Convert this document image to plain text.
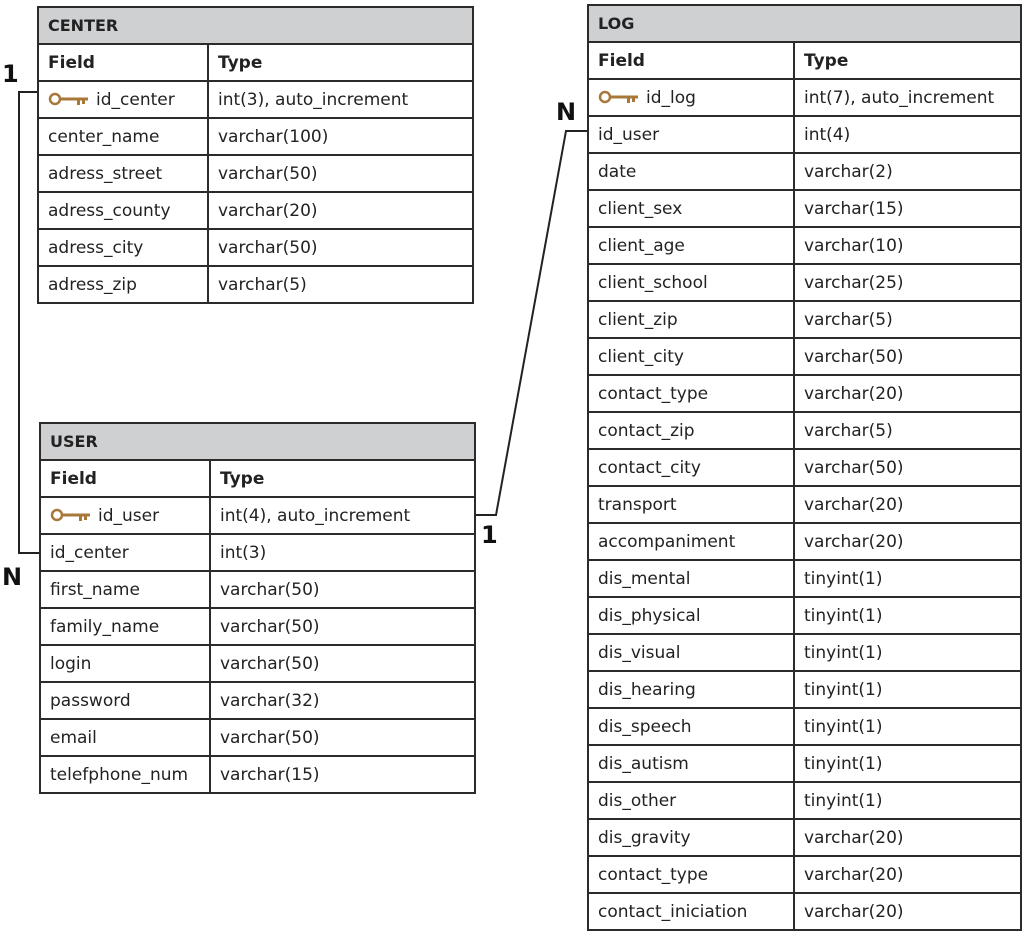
CENTER	
Field	Type
id_center	int(3), auto_increment
center_name	varchar(100)
adress_street	varchar(50)
adress_county	varchar(20)
adress_city	varchar(50)
adress_zip	varchar(5)
USER	
Field	Type
id_user	int(4), auto_increment
id_center	int(3)
first_name	varchar(50)
family_name	varchar(50)
login	varchar(50)
password	varchar(32)
email	varchar(50)
telefphone_num	varchar(15)
LOG	
Field	Type
id_log	int(7), auto_increment
id_user	int(4)
date	varchar(2)
client_sex	varchar(15)
client_age	varchar(10)
client_school	varchar(25)
client_zip	varchar(5)
client_city	varchar(50)
contact_type	varchar(20)
contact_zip	varchar(5)
contact_city	varchar(50)
transport	varchar(20)
accompaniment	varchar(20)
dis_mental	tinyint(1)
dis_physical	tinyint(1)
dis_visual	tinyint(1)
dis_hearing	tinyint(1)
dis_speech	tinyint(1)
dis_autism	tinyint(1)
dis_other	tinyint(1)
dis_gravity	varchar(20)
contact_type	varchar(20)
contact_iniciation	varchar(20)
1
N
1
N
